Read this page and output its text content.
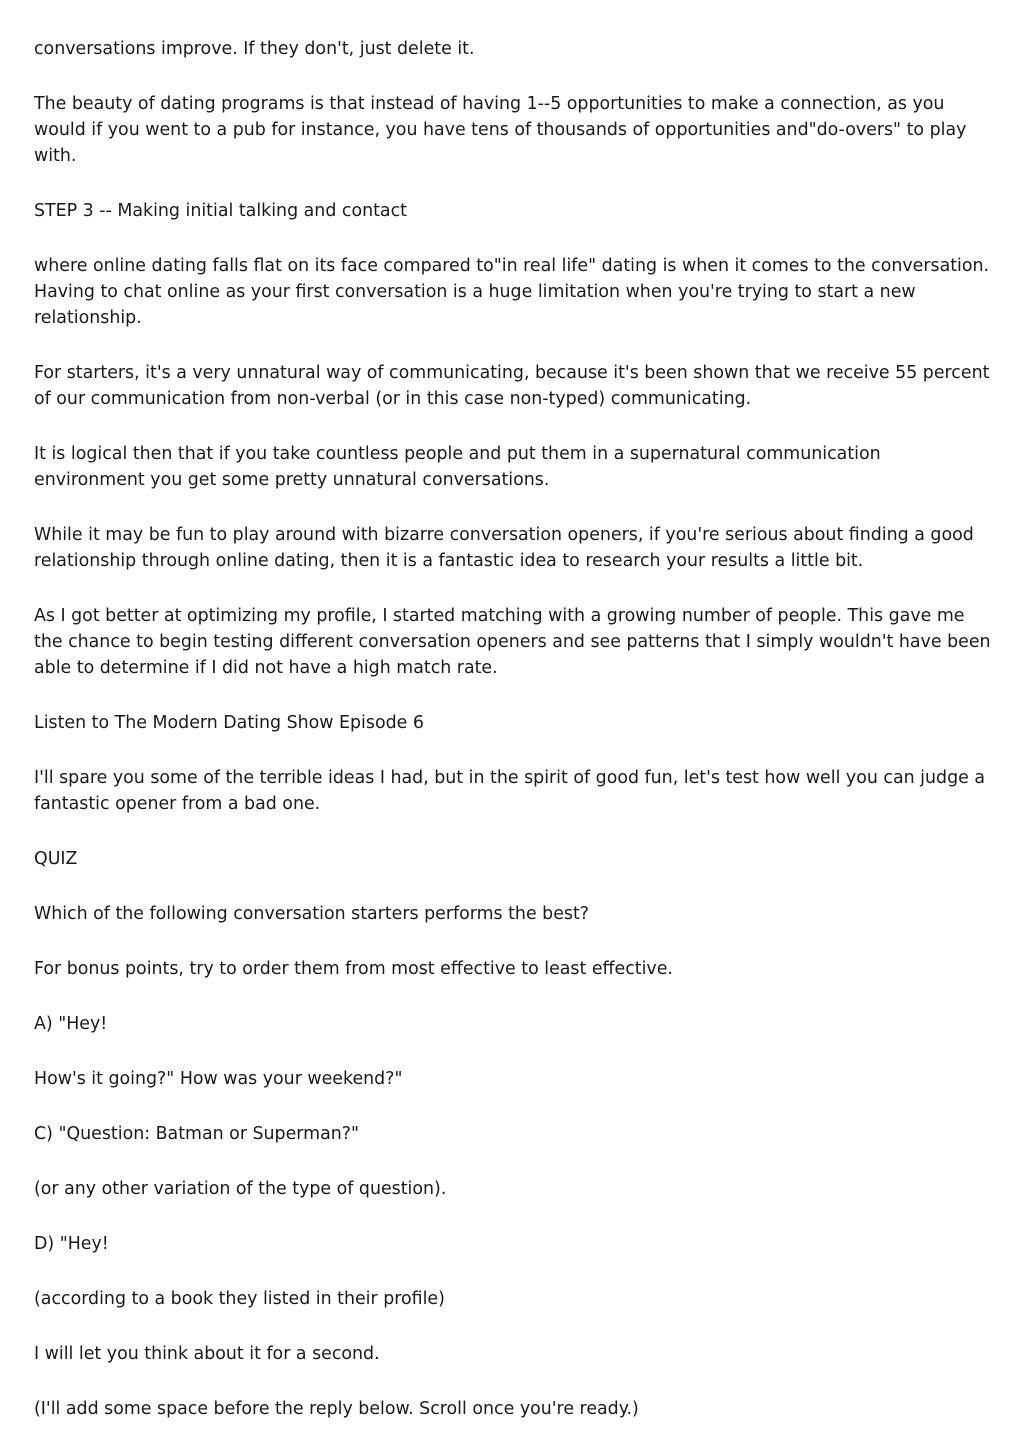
conversations improve. If they don't, just delete it.

The beauty of dating programs is that instead of having 1--5 opportunities to make a connection, as you would if you went to a pub for instance, you have tens of thousands of opportunities and"do-overs" to play with.

STEP 3 -- Making initial talking and contact

where online dating falls flat on its face compared to"in real life" dating is when it comes to the conversation. Having to chat online as your first conversation is a huge limitation when you're trying to start a new relationship.

For starters, it's a very unnatural way of communicating, because it's been shown that we receive 55 percent of our communication from non-verbal (or in this case non-typed) communicating.

It is logical then that if you take countless people and put them in a supernatural communication environment you get some pretty unnatural conversations.

While it may be fun to play around with bizarre conversation openers, if you're serious about finding a good relationship through online dating, then it is a fantastic idea to research your results a little bit.

As I got better at optimizing my profile, I started matching with a growing number of people. This gave me the chance to begin testing different conversation openers and see patterns that I simply wouldn't have been able to determine if I did not have a high match rate.

Listen to The Modern Dating Show Episode 6

I'll spare you some of the terrible ideas I had, but in the spirit of good fun, let's test how well you can judge a fantastic opener from a bad one.

QUIZ

Which of the following conversation starters performs the best?

For bonus points, try to order them from most effective to least effective.

A) "Hey!

How's it going?" How was your weekend?"

C) "Question: Batman or Superman?"

(or any other variation of the type of question).

D) "Hey!

(according to a book they listed in their profile)

I will let you think about it for a second.

(I'll add some space before the reply below. Scroll once you're ready.)
